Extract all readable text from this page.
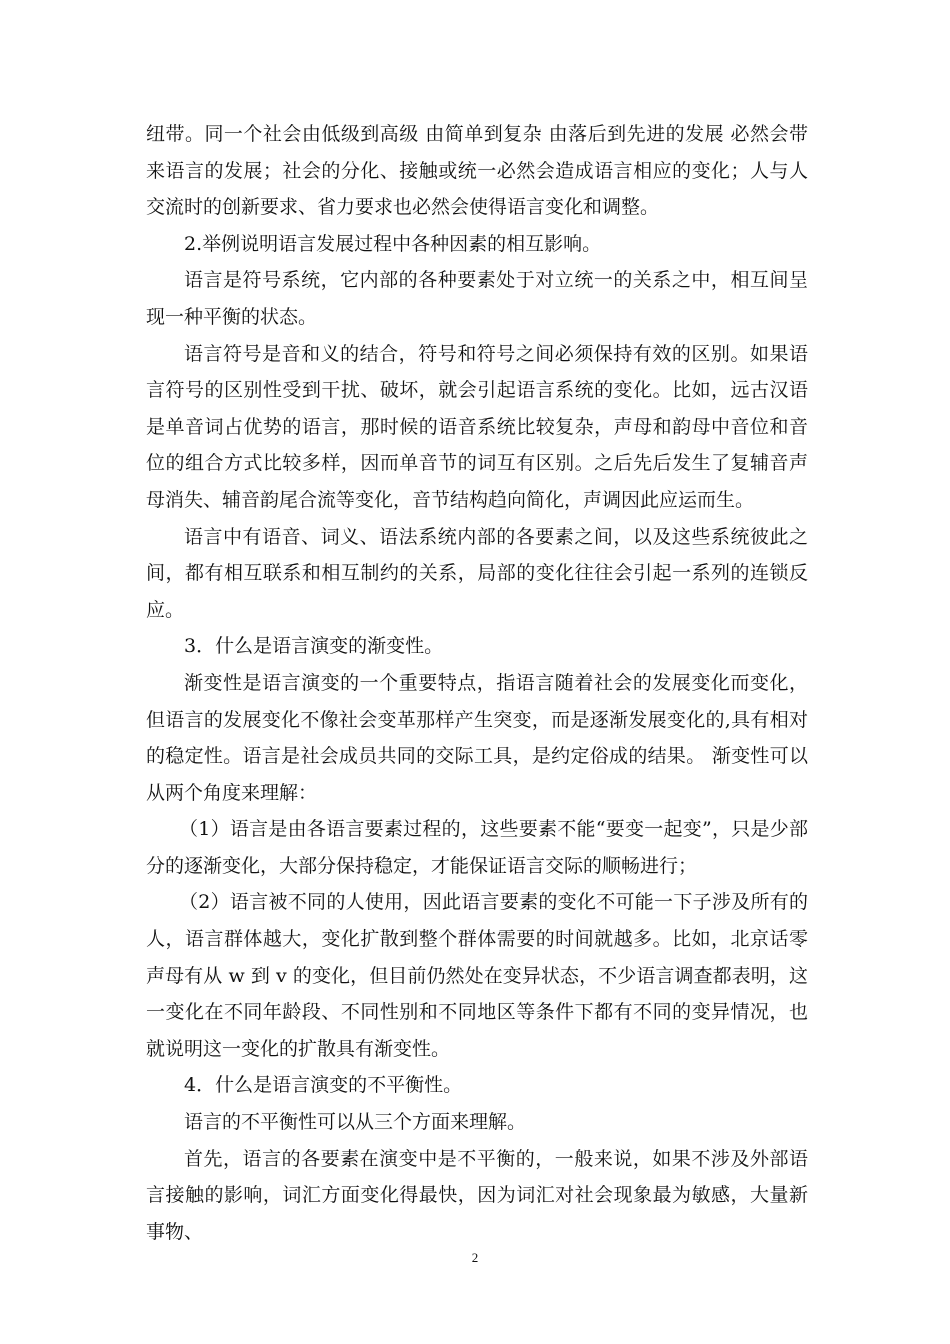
纽带。同一个社会由低级到高级 由简单到复杂 由落后到先进的发展 必然会带来语言的发展；社会的分化、接触或统一必然会造成语言相应的变化；人与人交流时的创新要求、省力要求也必然会使得语言变化和调整。

2.举例说明语言发展过程中各种因素的相互影响。

语言是符号系统，它内部的各种要素处于对立统一的关系之中，相互间呈现一种平衡的状态。

语言符号是音和义的结合，符号和符号之间必须保持有效的区别。如果语言符号的区别性受到干扰、破坏，就会引起语言系统的变化。比如，远古汉语是单音词占优势的语言，那时候的语音系统比较复杂，声母和韵母中音位和音位的组合方式比较多样，因而单音节的词互有区别。之后先后发生了复辅音声母消失、辅音韵尾合流等变化，音节结构趋向简化，声调因此应运而生。

语言中有语音、词义、语法系统内部的各要素之间，以及这些系统彼此之间，都有相互联系和相互制约的关系，局部的变化往往会引起一系列的连锁反应。

3．什么是语言演变的渐变性。

渐变性是语言演变的一个重要特点，指语言随着社会的发展变化而变化，但语言的发展变化不像社会变革那样产生突变，而是逐渐发展变化的,具有相对的稳定性。语言是社会成员共同的交际工具，是约定俗成的结果。 渐变性可以从两个角度来理解：

（1）语言是由各语言要素过程的，这些要素不能“要变一起变”，只是少部分的逐渐变化，大部分保持稳定，才能保证语言交际的顺畅进行；

（2）语言被不同的人使用，因此语言要素的变化不可能一下子涉及所有的人，语言群体越大，变化扩散到整个群体需要的时间就越多。比如，北京话零声母有从 w 到 v 的变化，但目前仍然处在变异状态，不少语言调查都表明，这一变化在不同年龄段、不同性别和不同地区等条件下都有不同的变异情况，也就说明这一变化的扩散具有渐变性。

4．什么是语言演变的不平衡性。

语言的不平衡性可以从三个方面来理解。

首先，语言的各要素在演变中是不平衡的，一般来说，如果不涉及外部语言接触的影响，词汇方面变化得最快，因为词汇对社会现象最为敏感，大量新事物、

2
